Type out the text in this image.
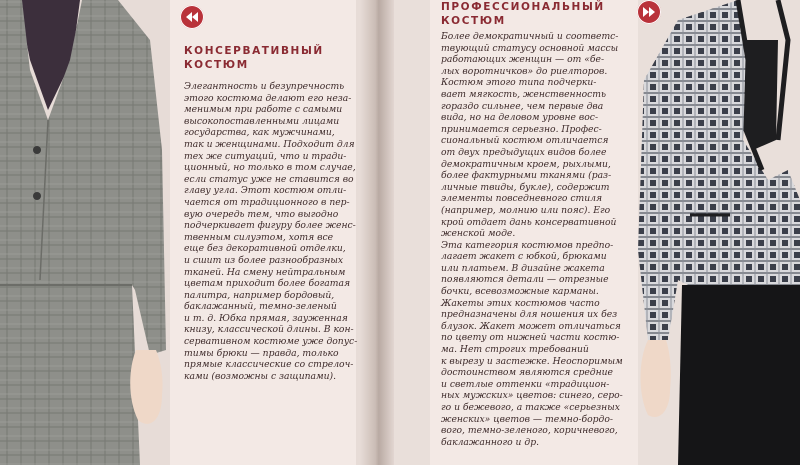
КОНСЕРВАТИВНЫЙ
КОСТЮМ
ПРОФЕССИОНАЛЬНЫЙ
КОСТЮМ
Элегантность и безупречность
этого костюма делают его неза-
менимым при работе с самыми
высокопоставленными лицами
государства, как мужчинами,
так и женщинами. Подходит для
тех же ситуаций, что и тради-
ционный, но только в том случае,
если статус уже не ставится во
главу угла. Этот костюм отли-
чается от традиционного в пер-
вую очередь тем, что выгодно
подчеркивает фигуру более женс-
твенным силуэтом, хотя все
еще без декоративной отделки,
и сшит из более разнообразных
тканей. На смену нейтральным
цветам приходит более богатая
палитра, например бордовый,
баклажанный, темно-зеленый
и т. д. Юбка прямая, зауженная
книзу, классической длины. В кон-
сервативном костюме уже допус-
тимы брюки — правда, только
прямые классические со стрелоч-
ками (возможны с защипами).
Более демократичный и соответс-
твующий статусу основной массы
работающих женщин — от «бе-
лых воротничков» до риелторов.
Костюм этого типа подчерки-
вает мягкость, женственность
гораздо сильнее, чем первые два
вида, но на деловом уровне вос-
принимается серьезно. Профес-
сиональный костюм отличается
от двух предыдущих видов более
демократичным кроем, рыхлыми,
более фактурными тканями (раз-
личные твиды, букле), содержит
элементы повседневного стиля
(например, молнию или пояс). Его
крой отдает дань консервативной
женской моде.
Эта категория костюмов предпо-
лагает жакет с юбкой, брюками
или платьем. В дизайне жакета
появляются детали — отрезные
бочки, всевозможные карманы.
Жакеты этих костюмов часто
предназначены для ношения их без
блузок. Жакет может отличаться
по цвету от нижней части костю-
ма. Нет строгих требований
к вырезу и застежке. Неоспоримым
достоинством являются средние
и светлые оттенки «традицион-
ных мужских» цветов: синего, серо-
го и бежевого, а также «серьезных
женских» цветов — темно-бордо-
вого, темно-зеленого, коричневого,
баклажанного и др.
